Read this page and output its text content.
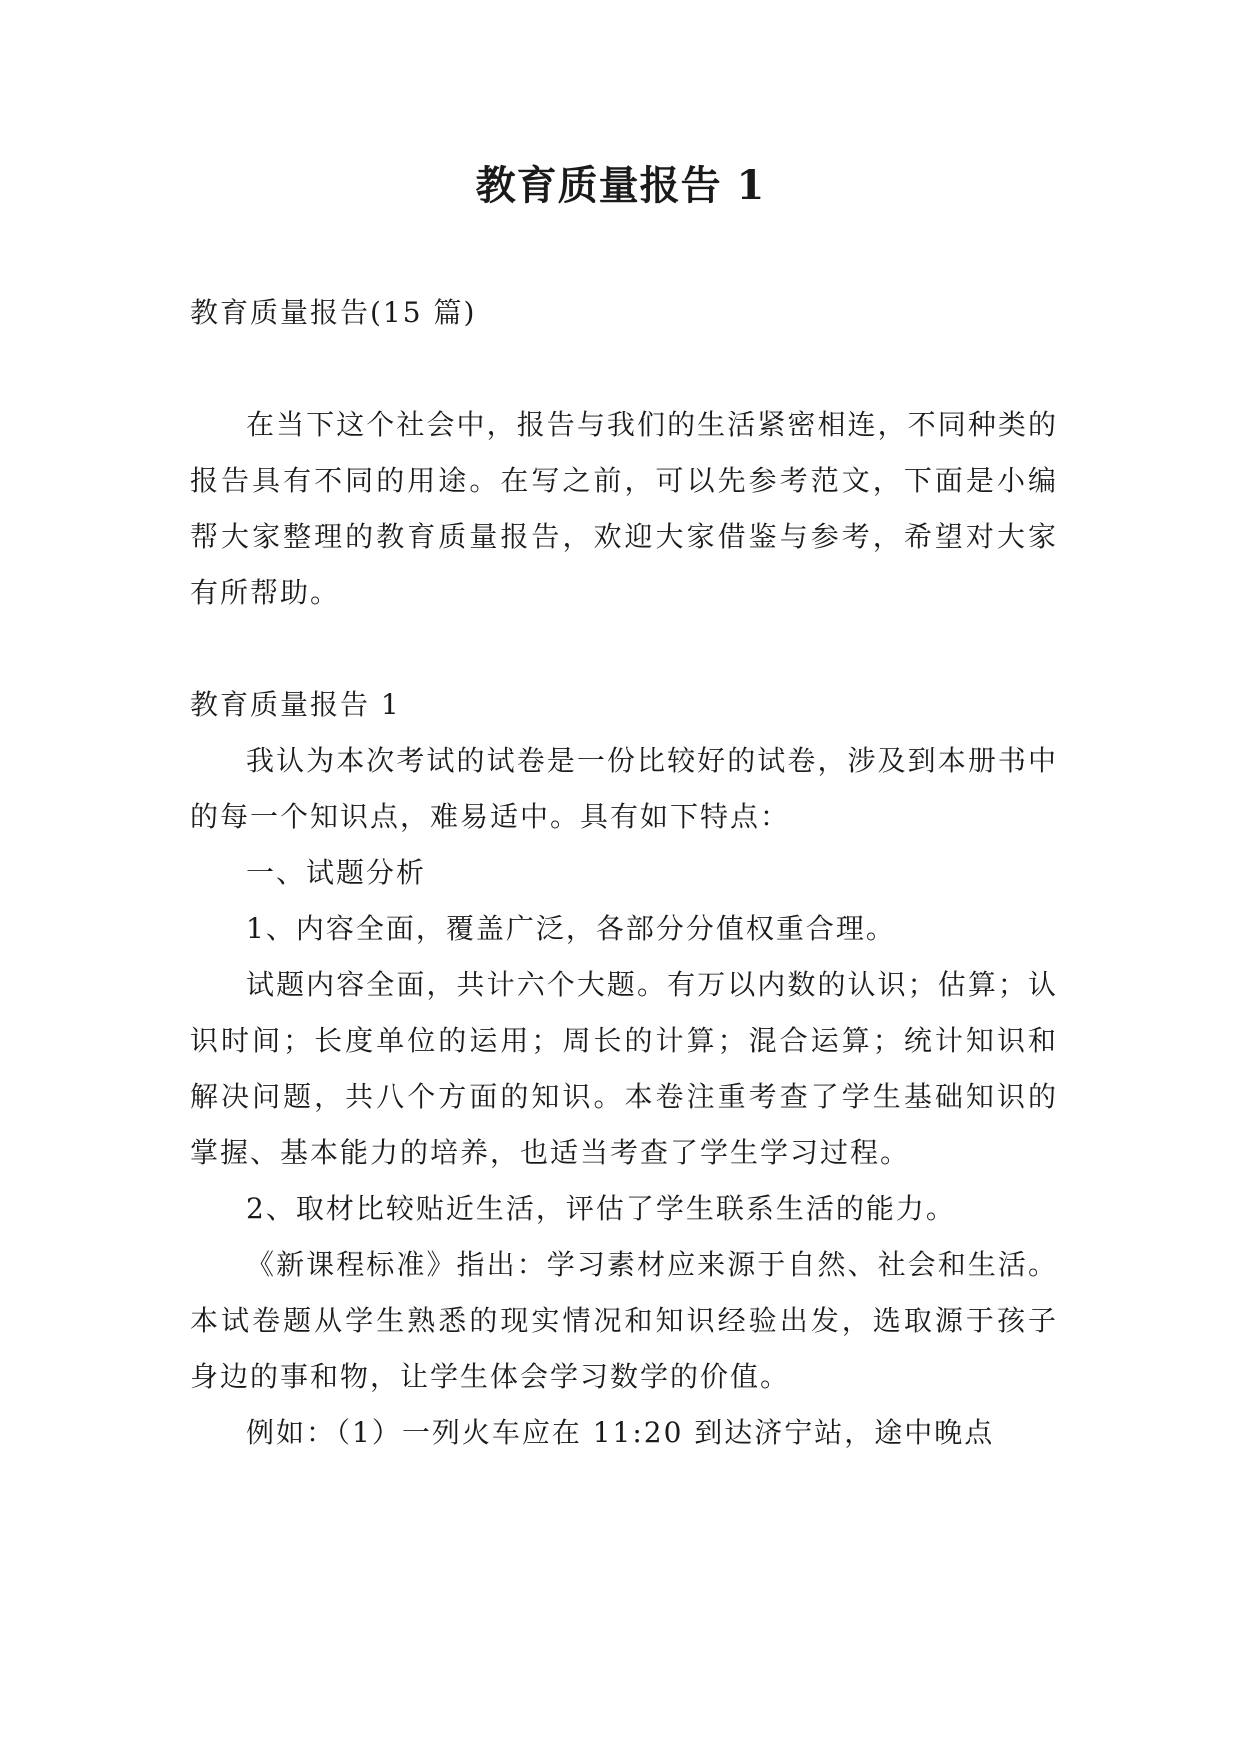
教育质量报告 1

教育质量报告(15 篇)

在当下这个社会中，报告与我们的生活紧密相连，不同种类的报告具有不同的用途。在写之前，可以先参考范文，下面是小编帮大家整理的教育质量报告，欢迎大家借鉴与参考，希望对大家有所帮助。

教育质量报告 1

我认为本次考试的试卷是一份比较好的试卷，涉及到本册书中的每一个知识点，难易适中。具有如下特点：

一、试题分析

1、内容全面，覆盖广泛，各部分分值权重合理。

试题内容全面，共计六个大题。有万以内数的认识；估算；认识时间；长度单位的运用；周长的计算；混合运算；统计知识和解决问题，共八个方面的知识。本卷注重考查了学生基础知识的掌握、基本能力的培养，也适当考查了学生学习过程。

2、取材比较贴近生活，评估了学生联系生活的能力。

《新课程标准》指出：学习素材应来源于自然、社会和生活。本试卷题从学生熟悉的现实情况和知识经验出发，选取源于孩子身边的事和物，让学生体会学习数学的价值。

例如：（1）一列火车应在 11:20 到达济宁站，途中晚点
